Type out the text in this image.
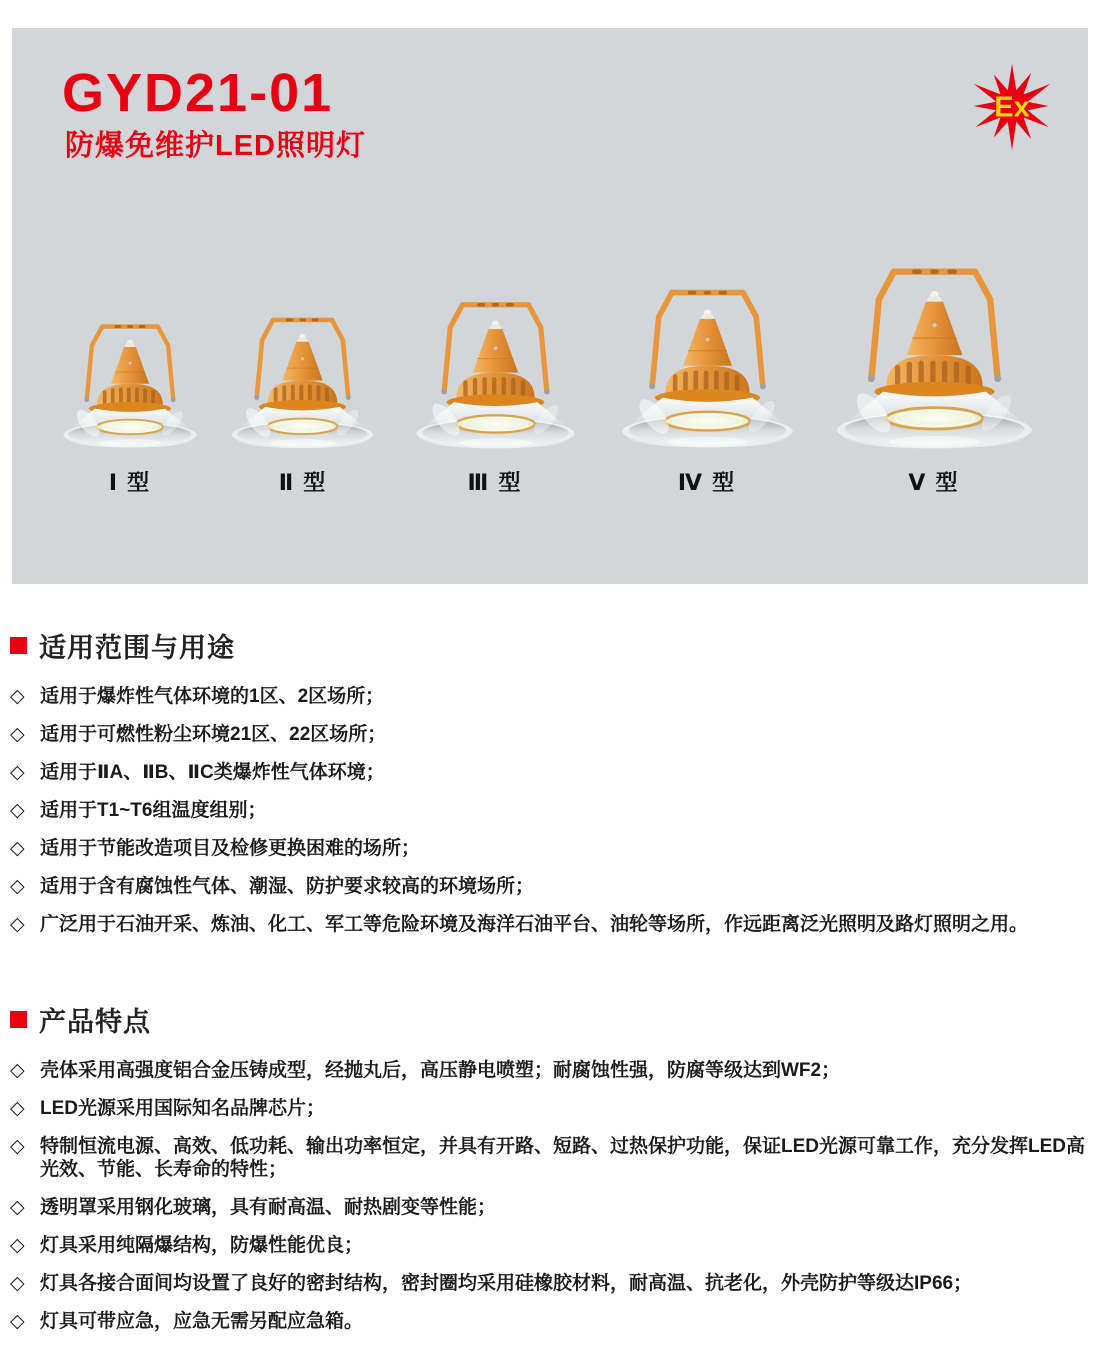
GYD21-01
防爆免维护LED照明灯
Ex
Ⅰ 型	Ⅱ 型	Ⅲ 型	Ⅳ 型	Ⅴ 型
适用范围与用途
◇ 适用于爆炸性气体环境的1区、2区场所；
◇ 适用于可燃性粉尘环境21区、22区场所；
◇ 适用于ⅡA、ⅡB、ⅡC类爆炸性气体环境；
◇ 适用于T1~T6组温度组别；
◇ 适用于节能改造项目及检修更换困难的场所；
◇ 适用于含有腐蚀性气体、潮湿、防护要求较高的环境场所；
◇ 广泛用于石油开采、炼油、化工、军工等危险环境及海洋石油平台、油轮等场所，作远距离泛光照明及路灯照明之用。
产品特点
◇ 壳体采用高强度铝合金压铸成型，经抛丸后，高压静电喷塑；耐腐蚀性强，防腐等级达到WF2；
◇ LED光源采用国际知名品牌芯片；
◇ 特制恒流电源、高效、低功耗、输出功率恒定，并具有开路、短路、过热保护功能，保证LED光源可靠工作，充分发挥LED高光效、节能、长寿命的特性；
◇ 透明罩采用钢化玻璃，具有耐高温、耐热剧变等性能；
◇ 灯具采用纯隔爆结构，防爆性能优良；
◇ 灯具各接合面间均设置了良好的密封结构，密封圈均采用硅橡胶材料，耐高温、抗老化，外壳防护等级达IP66；
◇ 灯具可带应急，应急无需另配应急箱。
